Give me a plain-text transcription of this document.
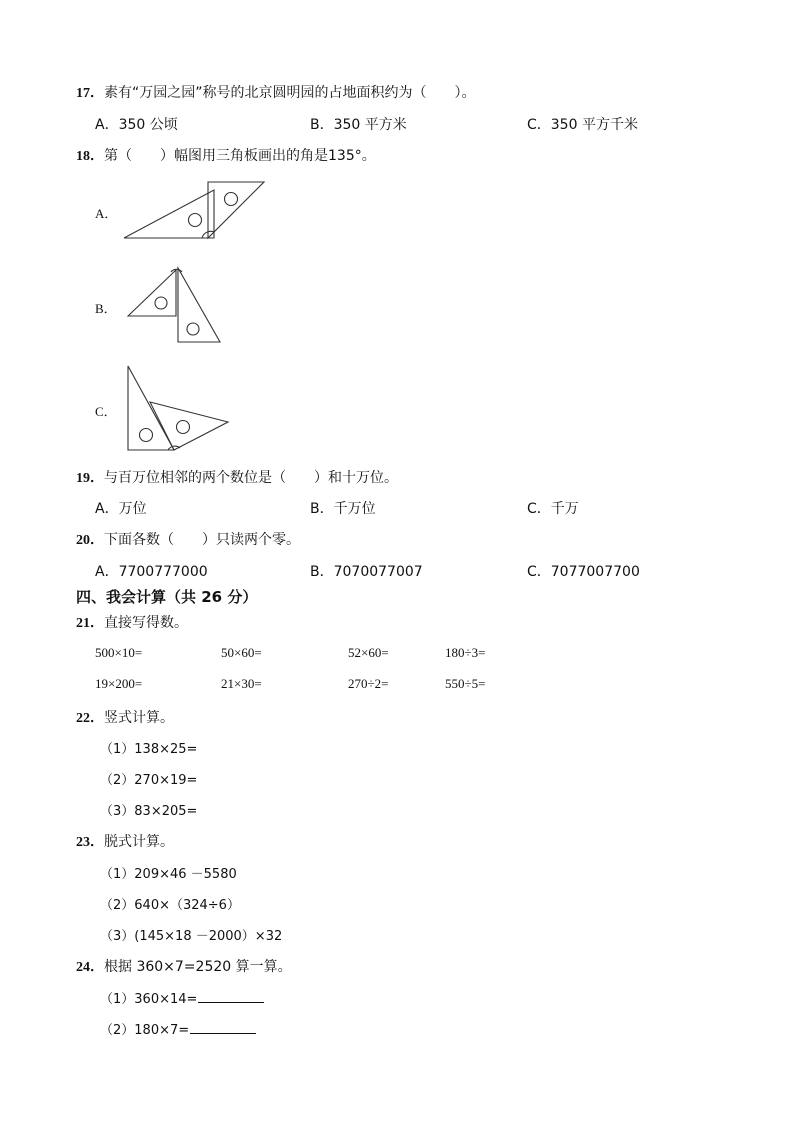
17．素有“万园之园”称号的北京圆明园的占地面积约为（　　）。
A．350 公顷	B．350 平方米	C．350 平方千米
18．第（　　）幅图用三角板画出的角是135°。
A．
B．
C．
19．与百万位相邻的两个数位是（　　）和十万位。
A．万位	B．千万位	C．千万
20．下面各数（　　）只读两个零。
A．7700777000	B．7070077007	C．7077007700
四、我会计算（共 26 分）
21．直接写得数。
500×10=	50×60=	52×60=	180÷3=
19×200=	21×30=	270÷2=	550÷5=
22．竖式计算。
（1）138×25=
（2）270×19=
（3）83×205=
23．脱式计算。
（1）209×46 －5580
（2）640×（324÷6）
（3）(145×18 －2000）×32
24．根据 360×7=2520 算一算。
（1）360×14=
（2）180×7=
